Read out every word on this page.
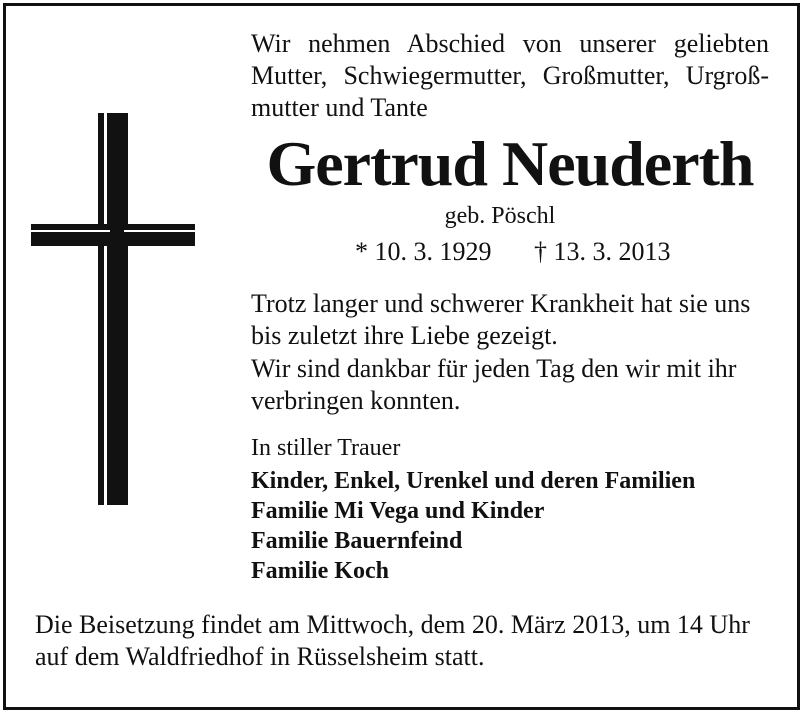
Wir nehmen Abschied von unserer geliebten Mutter, Schwiegermutter, Großmutter, Urgroß-mutter und Tante
Gertrud Neuderth
geb. Pöschl
* 10. 3. 1929 † 13. 3. 2013
Trotz langer und schwerer Krankheit hat sie uns bis zuletzt ihre Liebe gezeigt.
Wir sind dankbar für jeden Tag den wir mit ihr verbringen konnten.
In stiller Trauer
Kinder, Enkel, Urenkel und deren Familien
Familie Mi Vega und Kinder
Familie Bauernfeind
Familie Koch
Die Beisetzung findet am Mittwoch, dem 20. März 2013, um 14 Uhr auf dem Waldfriedhof in Rüsselsheim statt.
